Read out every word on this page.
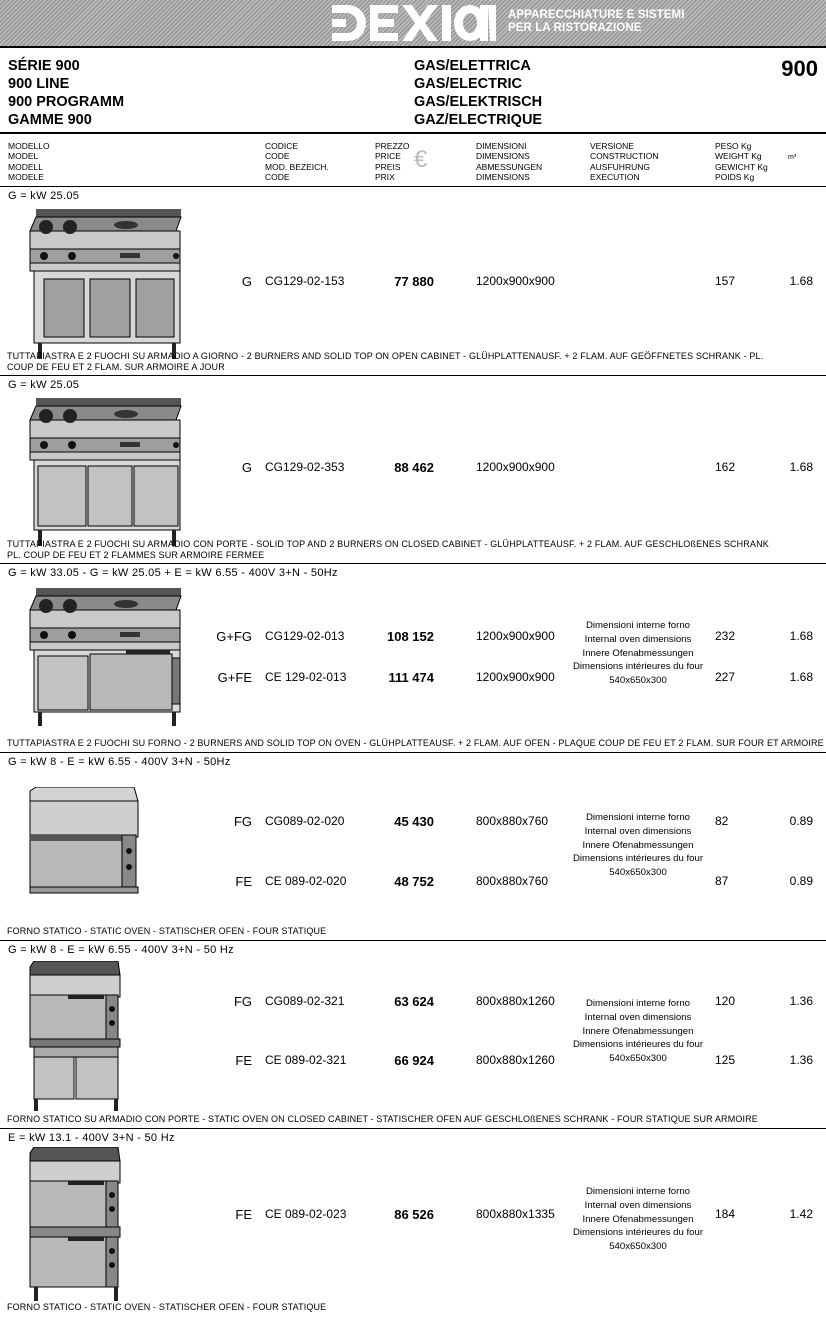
APPARECCHIATURE E SISTEMI
PER LA RISTORAZIONE
SÉRIE 900
900 LINE
900 PROGRAMM
GAMME 900
GAS/ELETTRICA
GAS/ELECTRIC
GAS/ELEKTRISCH
GAZ/ELECTRIQUE
900
MODELLO
MODEL
MODELL
MODELE
CODICE
CODE
MOD. BEZEICH.
CODE
PREZZO
PRICE
PREIS
PRIX
€	DIMENSIONI
DIMENSIONS
ABMESSUNGEN
DIMENSIONS
VERSIONE
CONSTRUCTION
AUSFUHRUNG
EXECUTION
PESO Kg
WEIGHT Kg
GEWICHT Kg
POIDS Kg
m³
G = kW 25.05
G CG129-02-153	77 880	1200x900x900	157	1.68
TUTTAPIASTRA E 2 FUOCHI SU ARMADIO A GIORNO - 2 BURNERS AND SOLID TOP ON OPEN CABINET - GLÜHPLATTENAUSF. + 2 FLAM. AUF GEÖFFNETES SCHRANK - PL.
COUP DE FEU ET 2 FLAM. SUR ARMOIRE A JOUR
G = kW 25.05
G CG129-02-353	88 462	1200x900x900	162	1.68
TUTTAPIASTRA E 2 FUOCHI SU ARMADIO CON PORTE - SOLID TOP AND 2 BURNERS ON CLOSED CABINET - GLÜHPLATTEAUSF. + 2 FLAM. AUF GESCHLOßENES SCHRANK
PL. COUP DE FEU ET 2 FLAMMES SUR ARMOIRE FERMEE
G = kW 33.05 - G = kW 25.05 + E = kW 6.55 - 400V 3+N - 50Hz
G+FG CG129-02-013	108 152	1200x900x900	232	1.68
G+FE CE 129-02-013	111 474	1200x900x900	227	1.68
Dimensioni interne forno
Internal oven dimensions
Innere Ofenabmessungen
Dimensions intérieures du four
540x650x300
TUTTAPIASTRA E 2 FUOCHI SU FORNO - 2 BURNERS AND SOLID TOP ON OVEN - GLÜHPLATTEAUSF. + 2 FLAM. AUF OFEN - PLAQUE COUP DE FEU ET 2 FLAM. SUR FOUR ET ARMOIRE
G = kW 8 - E = kW 6.55 - 400V 3+N - 50Hz
FG CG089-02-020	45 430	800x880x760	82	0.89
FE CE 089-02-020	48 752	800x880x760	87	0.89
Dimensioni interne forno
Internal oven dimensions
Innere Ofenabmessungen
Dimensions intérieures du four
540x650x300
FORNO STATICO - STATIC OVEN - STATISCHER OFEN - FOUR STATIQUE
G = kW 8 - E = kW 6.55 - 400V 3+N - 50 Hz
FG CG089-02-321	63 624	800x880x1260	120	1.36
FE CE 089-02-321	66 924	800x880x1260	125	1.36
Dimensioni interne forno
Internal oven dimensions
Innere Ofenabmessungen
Dimensions intérieures du four
540x650x300
FORNO STATICO SU ARMADIO CON PORTE - STATIC OVEN ON CLOSED CABINET - STATISCHER OFEN AUF GESCHLOßENES SCHRANK - FOUR STATIQUE SUR ARMOIRE
E = kW 13.1 - 400V 3+N - 50 Hz
FE CE 089-02-023	86 526	800x880x1335	184	1.42
Dimensioni interne forno
Internal oven dimensions
Innere Ofenabmessungen
Dimensions intérieures du four
540x650x300
FORNO STATICO - STATIC OVEN - STATISCHER OFEN - FOUR STATIQUE
